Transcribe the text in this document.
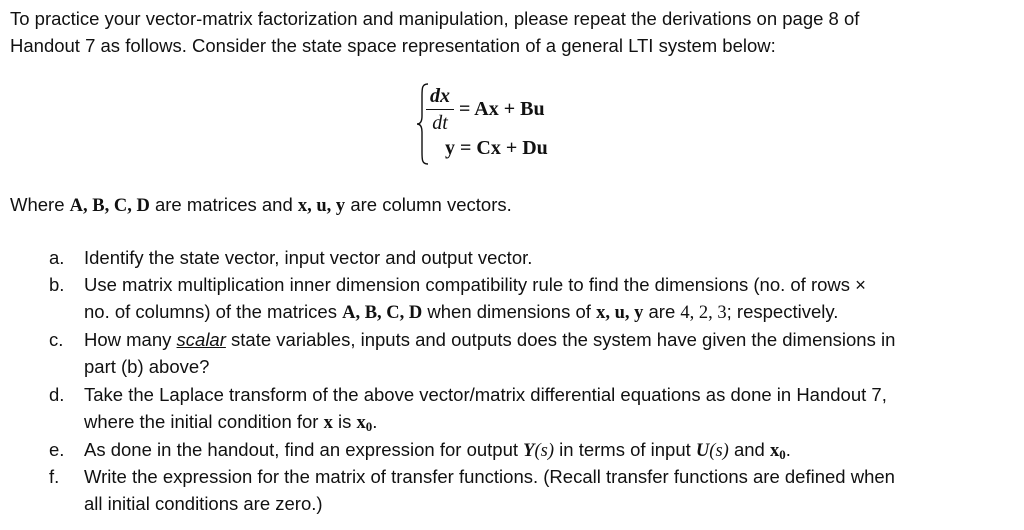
To practice your vector-matrix factorization and manipulation, please repeat the derivations on page 8 of

Handout 7 as follows. Consider the state space representation of a general LTI system below:

dx
dt
= Ax + Bu
y = Cx + Du
Where A, B, C, D are matrices and x, u, y are column vectors.
a.	Identify the state vector, input vector and output vector.

b.	Use matrix multiplication inner dimension compatibility rule to find the dimensions (no. of rows ×

no. of columns) of the matrices A, B, C, D when dimensions of x, u, y are 4, 2, 3; respectively.

c.	How many scalar state variables, inputs and outputs does the system have given the dimensions in

part (b) above?

d.	Take the Laplace transform of the above vector/matrix differential equations as done in Handout 7,

where the initial condition for x is $x_0$.

e.	As done in the handout, find an expression for output Y(s) in terms of input U(s) and $x_0$.

f.	Write the expression for the matrix of transfer functions. (Recall transfer functions are defined when

all initial conditions are zero.)
